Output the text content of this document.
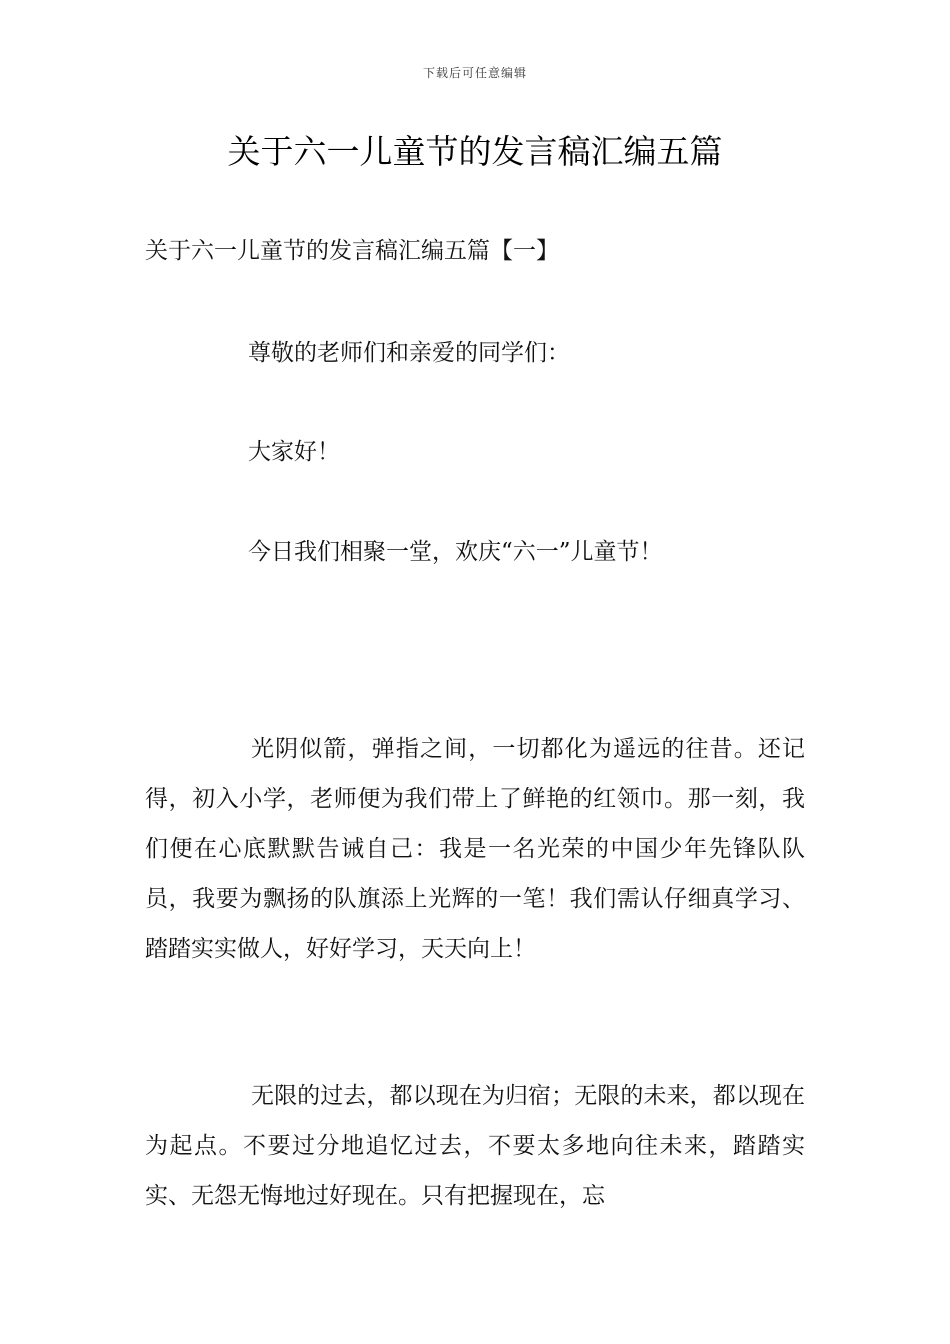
下载后可任意编辑
关于六一儿童节的发言稿汇编五篇
关于六一儿童节的发言稿汇编五篇【一】

尊敬的老师们和亲爱的同学们：

大家好！

今日我们相聚一堂，欢庆“六一”儿童节！

光阴似箭，弹指之间，一切都化为遥远的往昔。还记得，初入小学，老师便为我们带上了鲜艳的红领巾。那一刻，我们便在心底默默告诫自己：我是一名光荣的中国少年先锋队队员，我要为飘扬的队旗添上光辉的一笔！我们需认仔细真学习、踏踏实实做人，好好学习，天天向上！

无限的过去，都以现在为归宿；无限的未来，都以现在为起点。不要过分地追忆过去，不要太多地向往未来，踏踏实实、无怨无悔地过好现在。只有把握现在，忘
